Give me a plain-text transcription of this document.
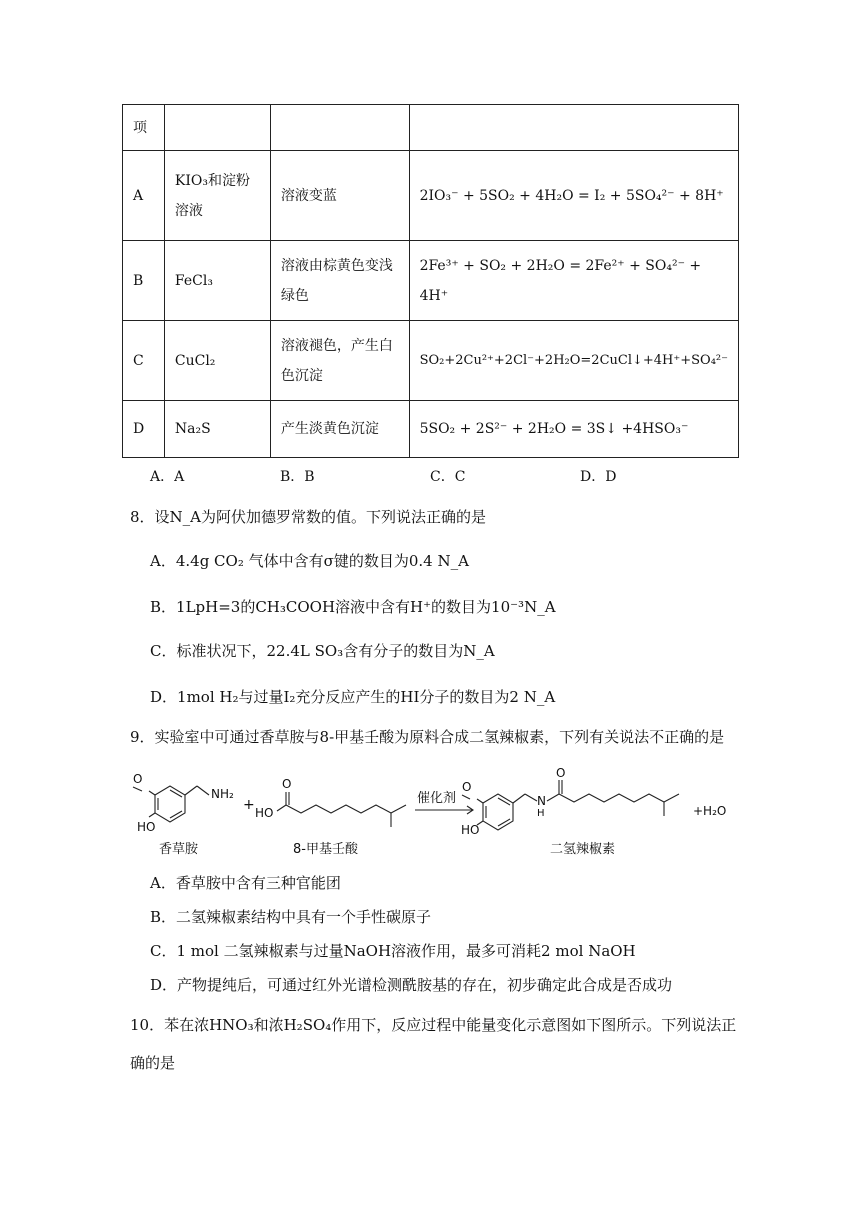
项			
A	KIO₃和淀粉溶液	溶液变蓝	2IO₃⁻ + 5SO₂ + 4H₂O = I₂ + 5SO₄²⁻ + 8H⁺
B	FeCl₃	溶液由棕黄色变浅绿色	2Fe³⁺ + SO₂ + 2H₂O = 2Fe²⁺ + SO₄²⁻ + 4H⁺
C	CuCl₂	溶液褪色，产生白色沉淀	SO₂+2Cu²⁺+2Cl⁻+2H₂O=2CuCl↓+4H⁺+SO₄²⁻
D	Na₂S	产生淡黄色沉淀	5SO₂ + 2S²⁻ + 2H₂O = 3S↓ +4HSO₃⁻
A．A	B．B	C．C	D．D
8．设N_A为阿伏加德罗常数的值。下列说法正确的是
A．4.4g CO₂ 气体中含有σ键的数目为0.4 N_A
B．1LpH=3的CH₃COOH溶液中含有H⁺的数目为10⁻³N_A
C．标准状况下，22.4L SO₃含有分子的数目为N_A
D．1mol H₂与过量I₂充分反应产生的HI分子的数目为2 N_A
9．实验室中可通过香草胺与8-甲基壬酸为原料合成二氢辣椒素，下列有关说法不正确的是
O
HO
NH₂
+ HO
O
催化剂
O
HO
N
H
O
+H₂O
香草胺	8-甲基壬酸	二氢辣椒素
A．香草胺中含有三种官能团
B．二氢辣椒素结构中具有一个手性碳原子
C．1 mol 二氢辣椒素与过量NaOH溶液作用，最多可消耗2 mol NaOH
D．产物提纯后，可通过红外光谱检测酰胺基的存在，初步确定此合成是否成功
10．苯在浓HNO₃和浓H₂SO₄作用下，反应过程中能量变化示意图如下图所示。下列说法正
确的是
